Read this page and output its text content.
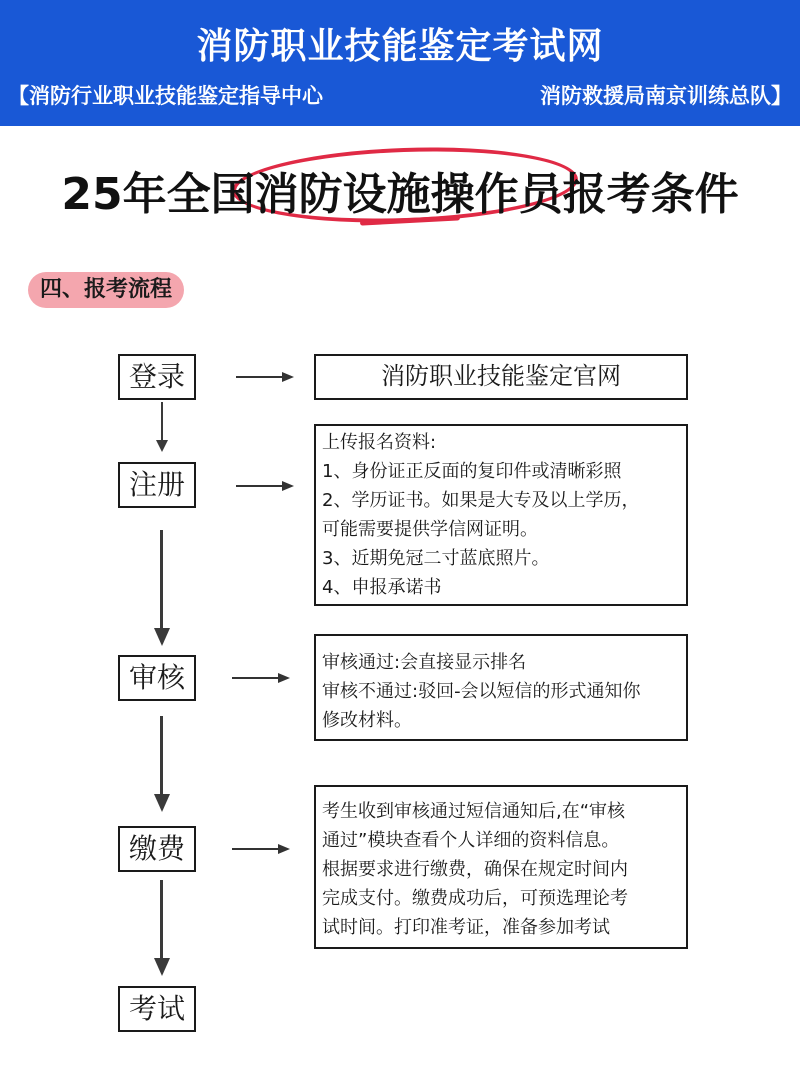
消防职业技能鉴定考试网
【消防行业职业技能鉴定指导中心	消防救援局南京训练总队】
25年全国消防设施操作员报考条件
四、报考流程
登录	消防职业技能鉴定官网
注册
上传报名资料:
1、身份证正反面的复印件或清晰彩照
2、学历证书。如果是大专及以上学历，
可能需要提供学信网证明。
3、近期免冠二寸蓝底照片。
4、申报承诺书
审核	审核通过:会直接显示排名
审核不通过:驳回-会以短信的形式通知你
修改材料。
缴费
考生收到审核通过短信通知后,在“审核
通过”模块查看个人详细的资料信息。
根据要求进行缴费，确保在规定时间内
完成支付。缴费成功后，可预选理论考
试时间。打印准考证，准备参加考试
考试
